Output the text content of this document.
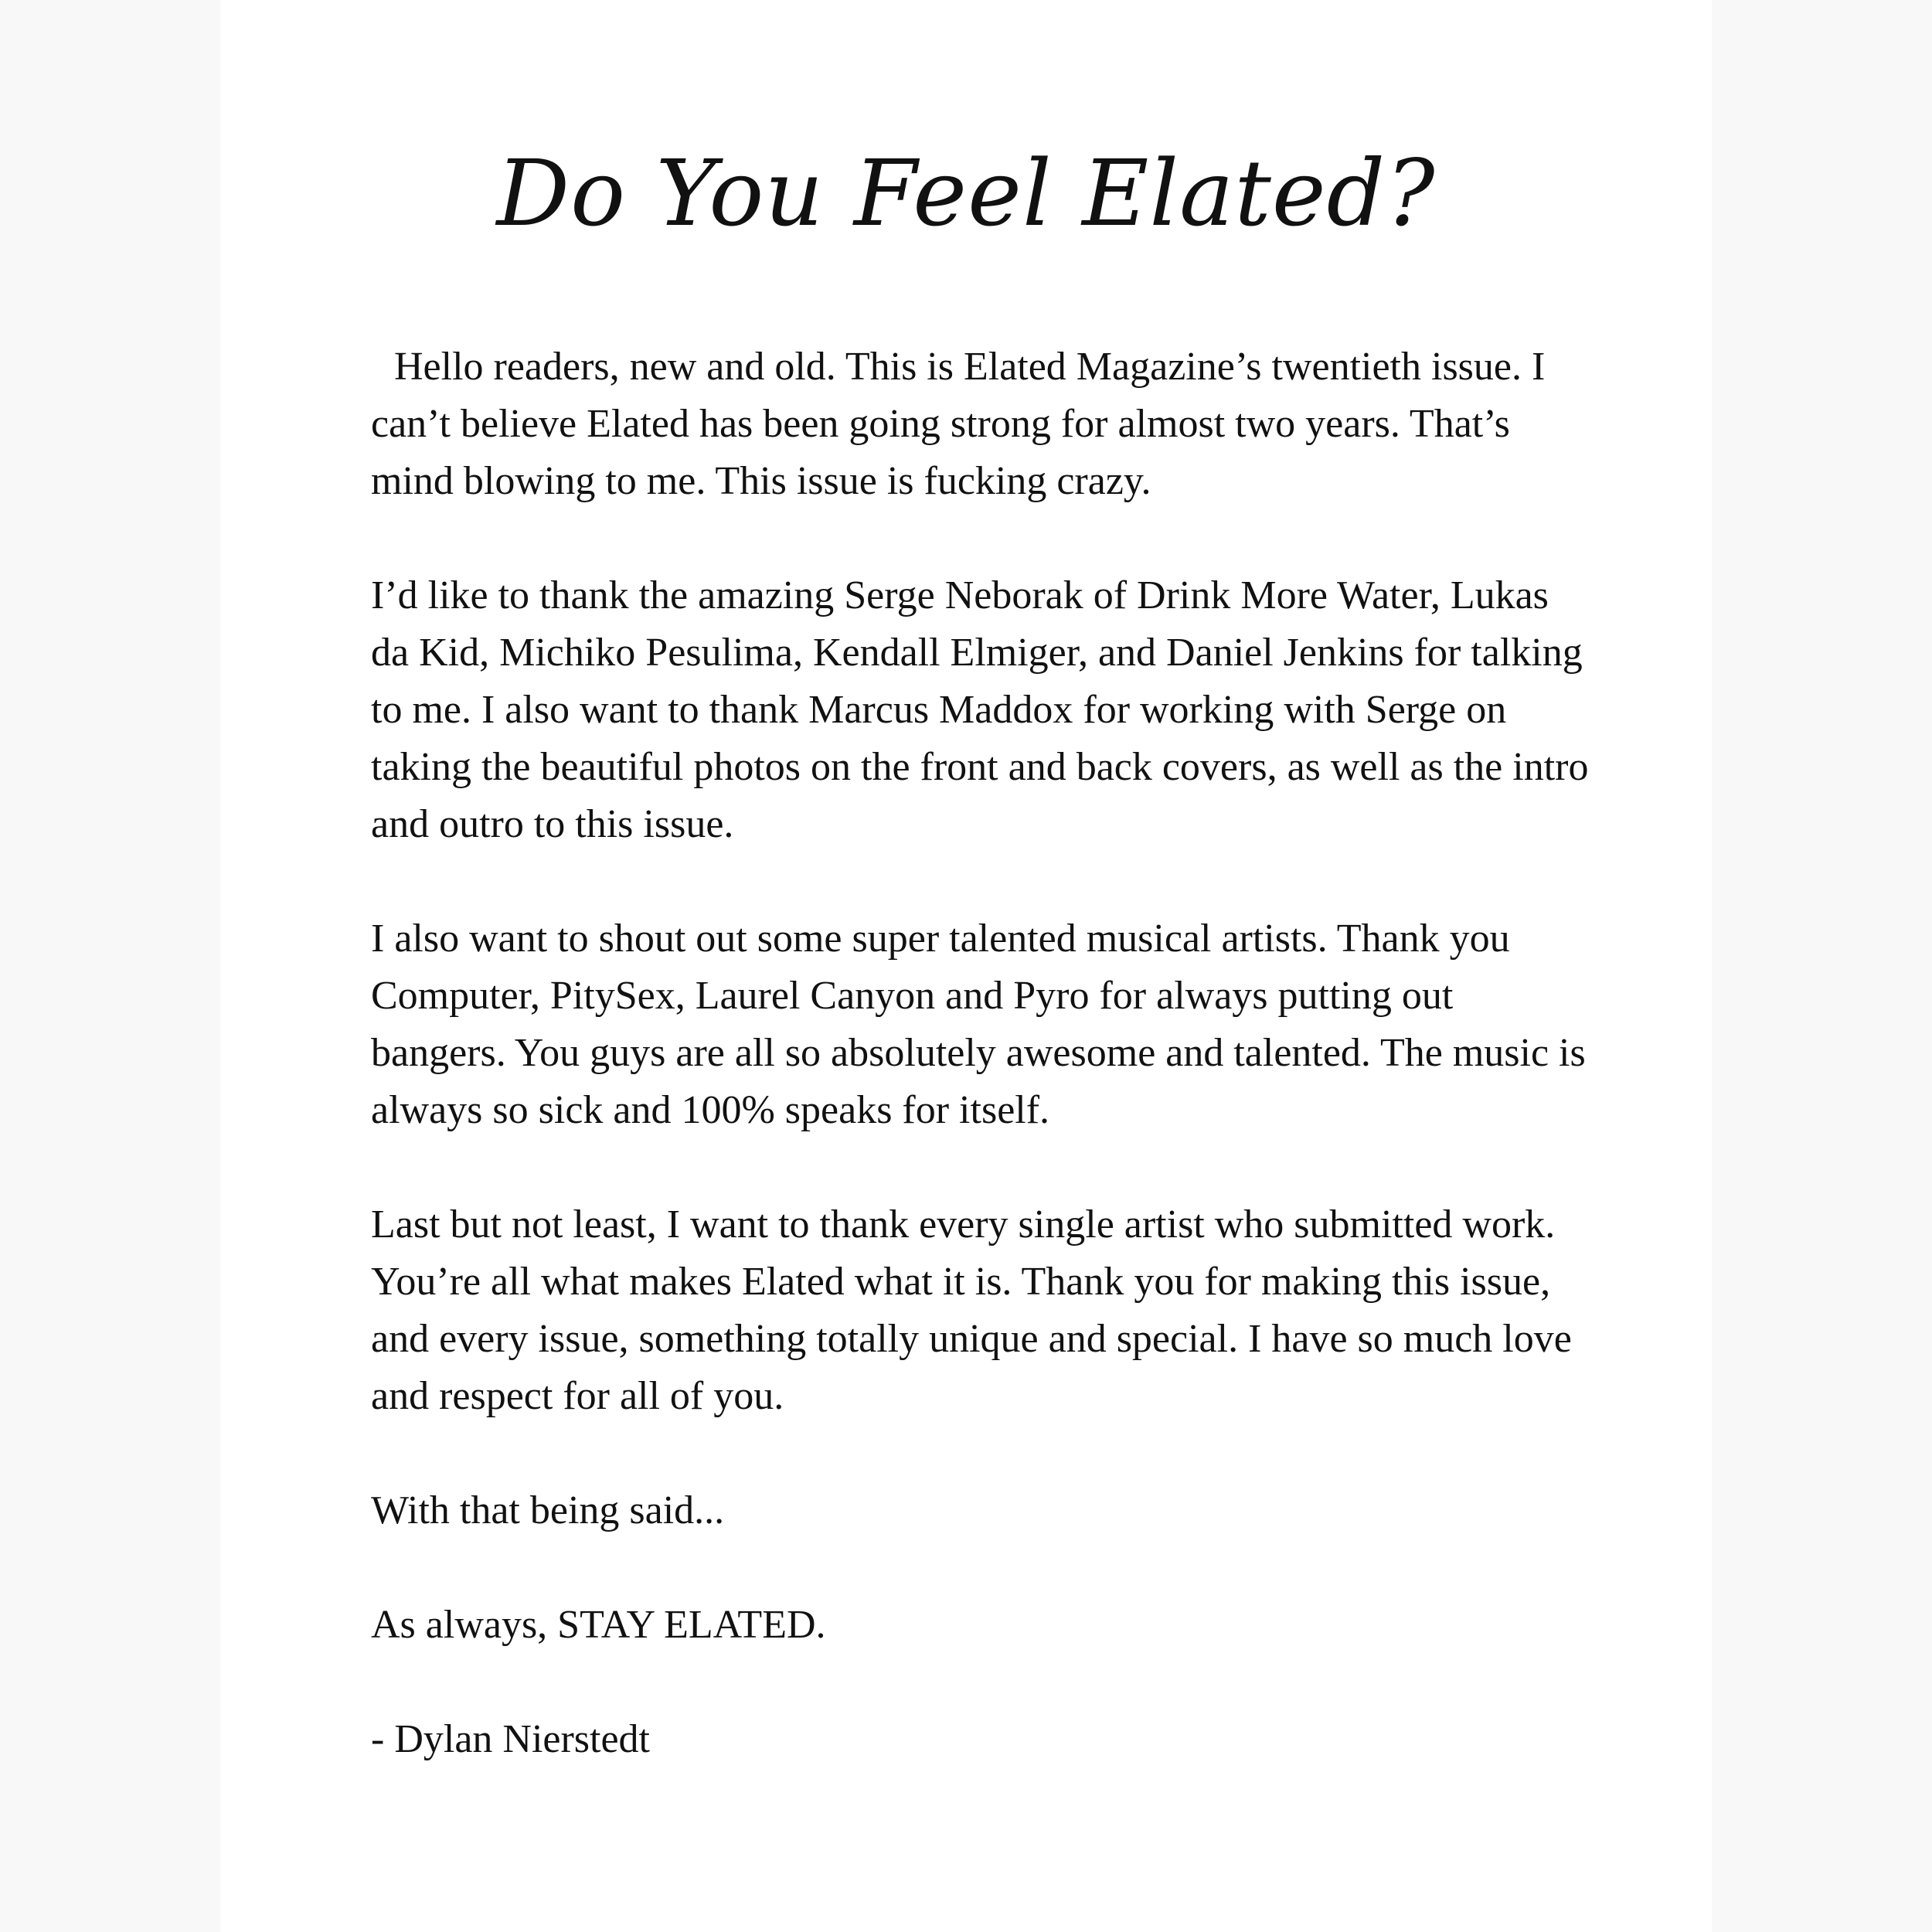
Do You Feel Elated?

Hello readers, new and old. This is Elated Magazine’s twentieth issue. I can’t believe Elated has been going strong for almost two years. That’s mind blowing to me. This issue is fucking crazy.

I’d like to thank the amazing Serge Neborak of Drink More Water, Lukas da Kid, Michiko Pesulima, Kendall Elmiger, and Daniel Jenkins for talking to me. I also want to thank Marcus Maddox for working with Serge on taking the beautiful photos on the front and back covers, as well as the intro and outro to this issue.

I also want to shout out some super talented musical artists. Thank you Computer, PitySex, Laurel Canyon and Pyro for always putting out bangers. You guys are all so absolutely awesome and talented. The music is always so sick and 100% speaks for itself.

Last but not least, I want to thank every single artist who submitted work. You’re all what makes Elated what it is. Thank you for making this issue, and every issue, something totally unique and special. I have so much love and respect for all of you.

With that being said...

As always, STAY ELATED.

- Dylan Nierstedt
